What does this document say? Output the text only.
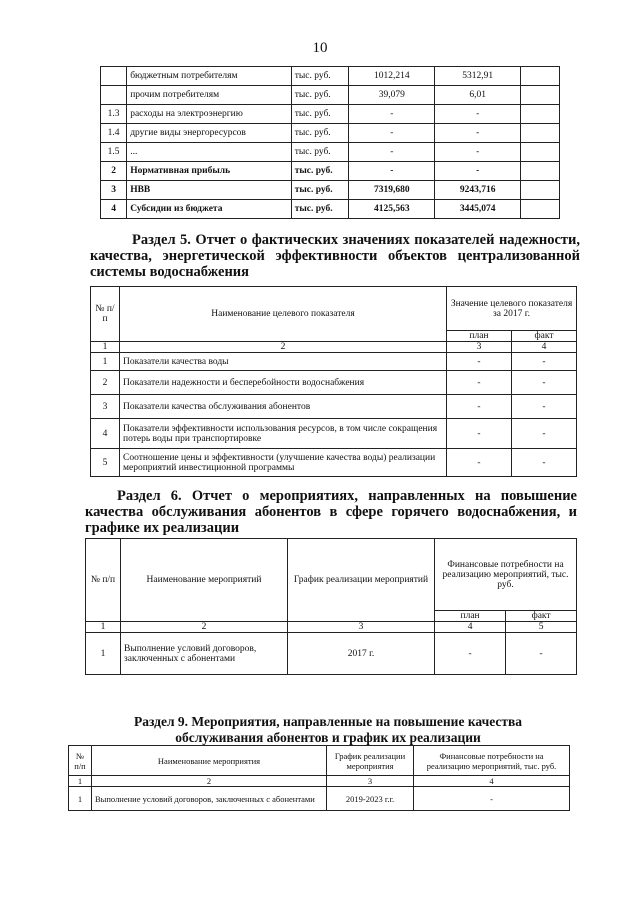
10
	бюджетным потребителям	тыс. руб.	1012,214	5312,91	
	прочим потребителям	тыс. руб.	39,079	6,01	
1.3	расходы на электроэнергию	тыс. руб.	-	-	
1.4	другие виды энергоресурсов	тыс. руб.	-	-	
1.5	...	тыс. руб.	-	-	
2	Нормативная прибыль	тыс. руб.	-	-	
3	НВВ	тыс. руб.	7319,680	9243,716	
4	Субсидии из бюджета	тыс. руб.	4125,563	3445,074	
Раздел 5. Отчет о фактических значениях показателей надежности, качества, энергетической эффективности объектов централизованной системы водоснабжения
№ п/п	Наименование целевого показателя	Значение целевого показателя за 2017 г.	
		план	факт
1	2	3	4
1	Показатели качества воды	-	-
2	Показатели надежности и бесперебойности водоснабжения	-	-
3	Показатели качества обслуживания абонентов	-	-
4	Показатели эффективности использования ресурсов, в том числе сокращения потерь воды при транспортировке	-	-
5	Соотношение цены и эффективности (улучшение качества воды) реализации мероприятий инвестиционной программы	-	-
Раздел 6. Отчет о мероприятиях, направленных на повышение качества обслуживания абонентов в сфере горячего водоснабжения, и графике их реализации
№ п/п	Наименование мероприятий	График реализации мероприятий	Финансовые потребности на реализацию мероприятий, тыс. руб.	
			план	факт
1	2	3	4	5
1	Выполнение условий договоров, заключенных с абонентами	2017 г.	-	-
Раздел 9. Мероприятия, направленные на повышение качества обслуживания абонентов и график их реализации
№ п/п	Наименование мероприятия	График реализации мероприятия	Финансовые потребности на реализацию мероприятий, тыс. руб.
1	2	3	4
1	Выполнение условий договоров, заключенных с абонентами	2019-2023 г.г.	-
